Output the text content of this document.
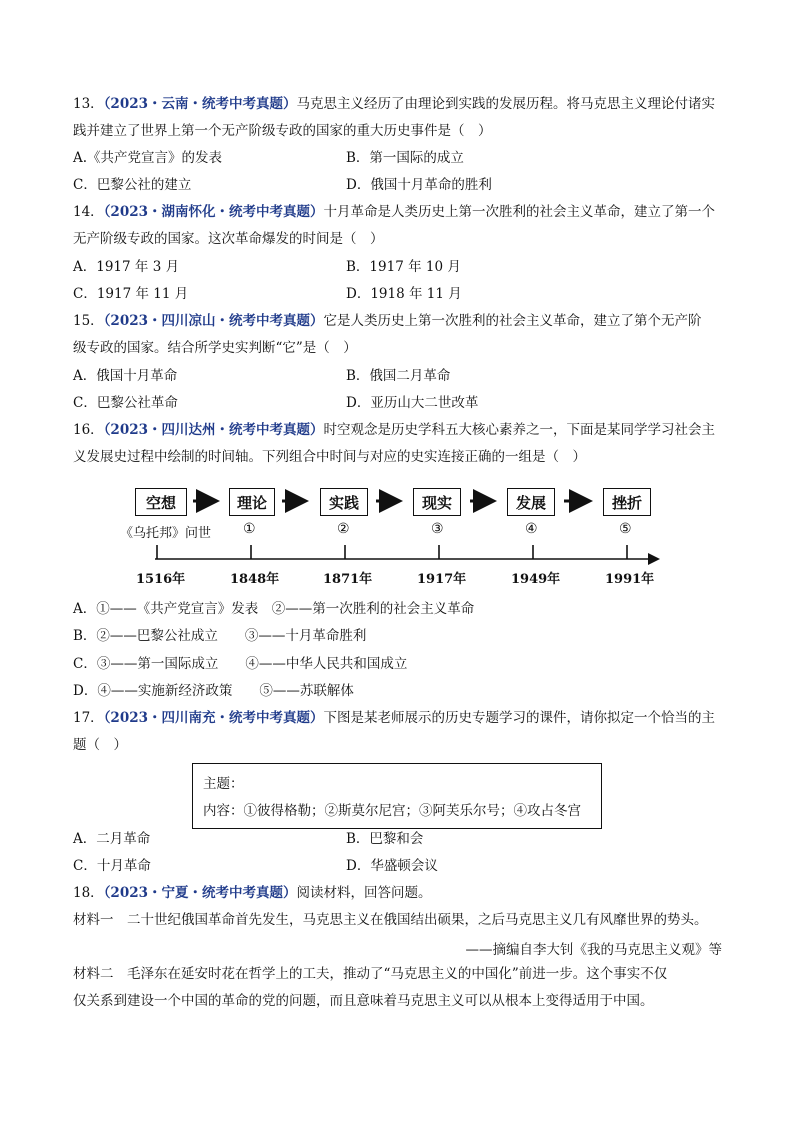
13．（2023・云南・统考中考真题）马克思主义经历了由理论到实践的发展历程。将马克思主义理论付诸实
践并建立了世界上第一个无产阶级专政的国家的重大历史事件是（　）
A.《共产党宣言》的发表	B．第一国际的成立
C．巴黎公社的建立	D．俄国十月革命的胜利
14．（2023・湖南怀化・统考中考真题）十月革命是人类历史上第一次胜利的社会主义革命，建立了第一个
无产阶级专政的国家。这次革命爆发的时间是（　）
A．1917 年 3 月	B．1917 年 10 月
C．1917 年 11 月	D．1918 年 11 月
15．（2023・四川凉山・统考中考真题）它是人类历史上第一次胜利的社会主义革命，建立了第个无产阶
级专政的国家。结合所学史实判断“它”是（　）
A．俄国十月革命	B．俄国二月革命
C．巴黎公社革命	D．亚历山大二世改革
16．（2023・四川达州・统考中考真题）时空观念是历史学科五大核心素养之一，下面是某同学学习社会主
义发展史过程中绘制的时间轴。下列组合中时间与对应的史实连接正确的一组是（　）
空想	理论	实践	现实	发展	挫折
《乌托邦》问世 ①	②	③	④	⑤
1516年	1848年	1871年	1917年	1949年	1991年
A．①——《共产党宣言》发表　②——第一次胜利的社会主义革命
B．②——巴黎公社成立　　③——十月革命胜利
C．③——第一国际成立　　④——中华人民共和国成立
D．④——实施新经济政策　　⑤——苏联解体
17．（2023・四川南充・统考中考真题）下图是某老师展示的历史专题学习的课件，请你拟定一个恰当的主
题（　）
主题：
内容：①彼得格勒；②斯莫尔尼宫；③阿芙乐尔号；④攻占冬宫
A．二月革命	B．巴黎和会
C．十月革命	D．华盛顿会议
18．（2023・宁夏・统考中考真题）阅读材料，回答问题。
材料一　二十世纪俄国革命首先发生，马克思主义在俄国结出硕果，之后马克思主义几有风靡世界的势头。
——摘编自李大钊《我的马克思主义观》等
材料二　毛泽东在延安时花在哲学上的工夫，推动了“马克思主义的中国化”前进一步。这个事实不仅
仅关系到建设一个中国的革命的党的问题，而且意味着马克思主义可以从根本上变得适用于中国。
